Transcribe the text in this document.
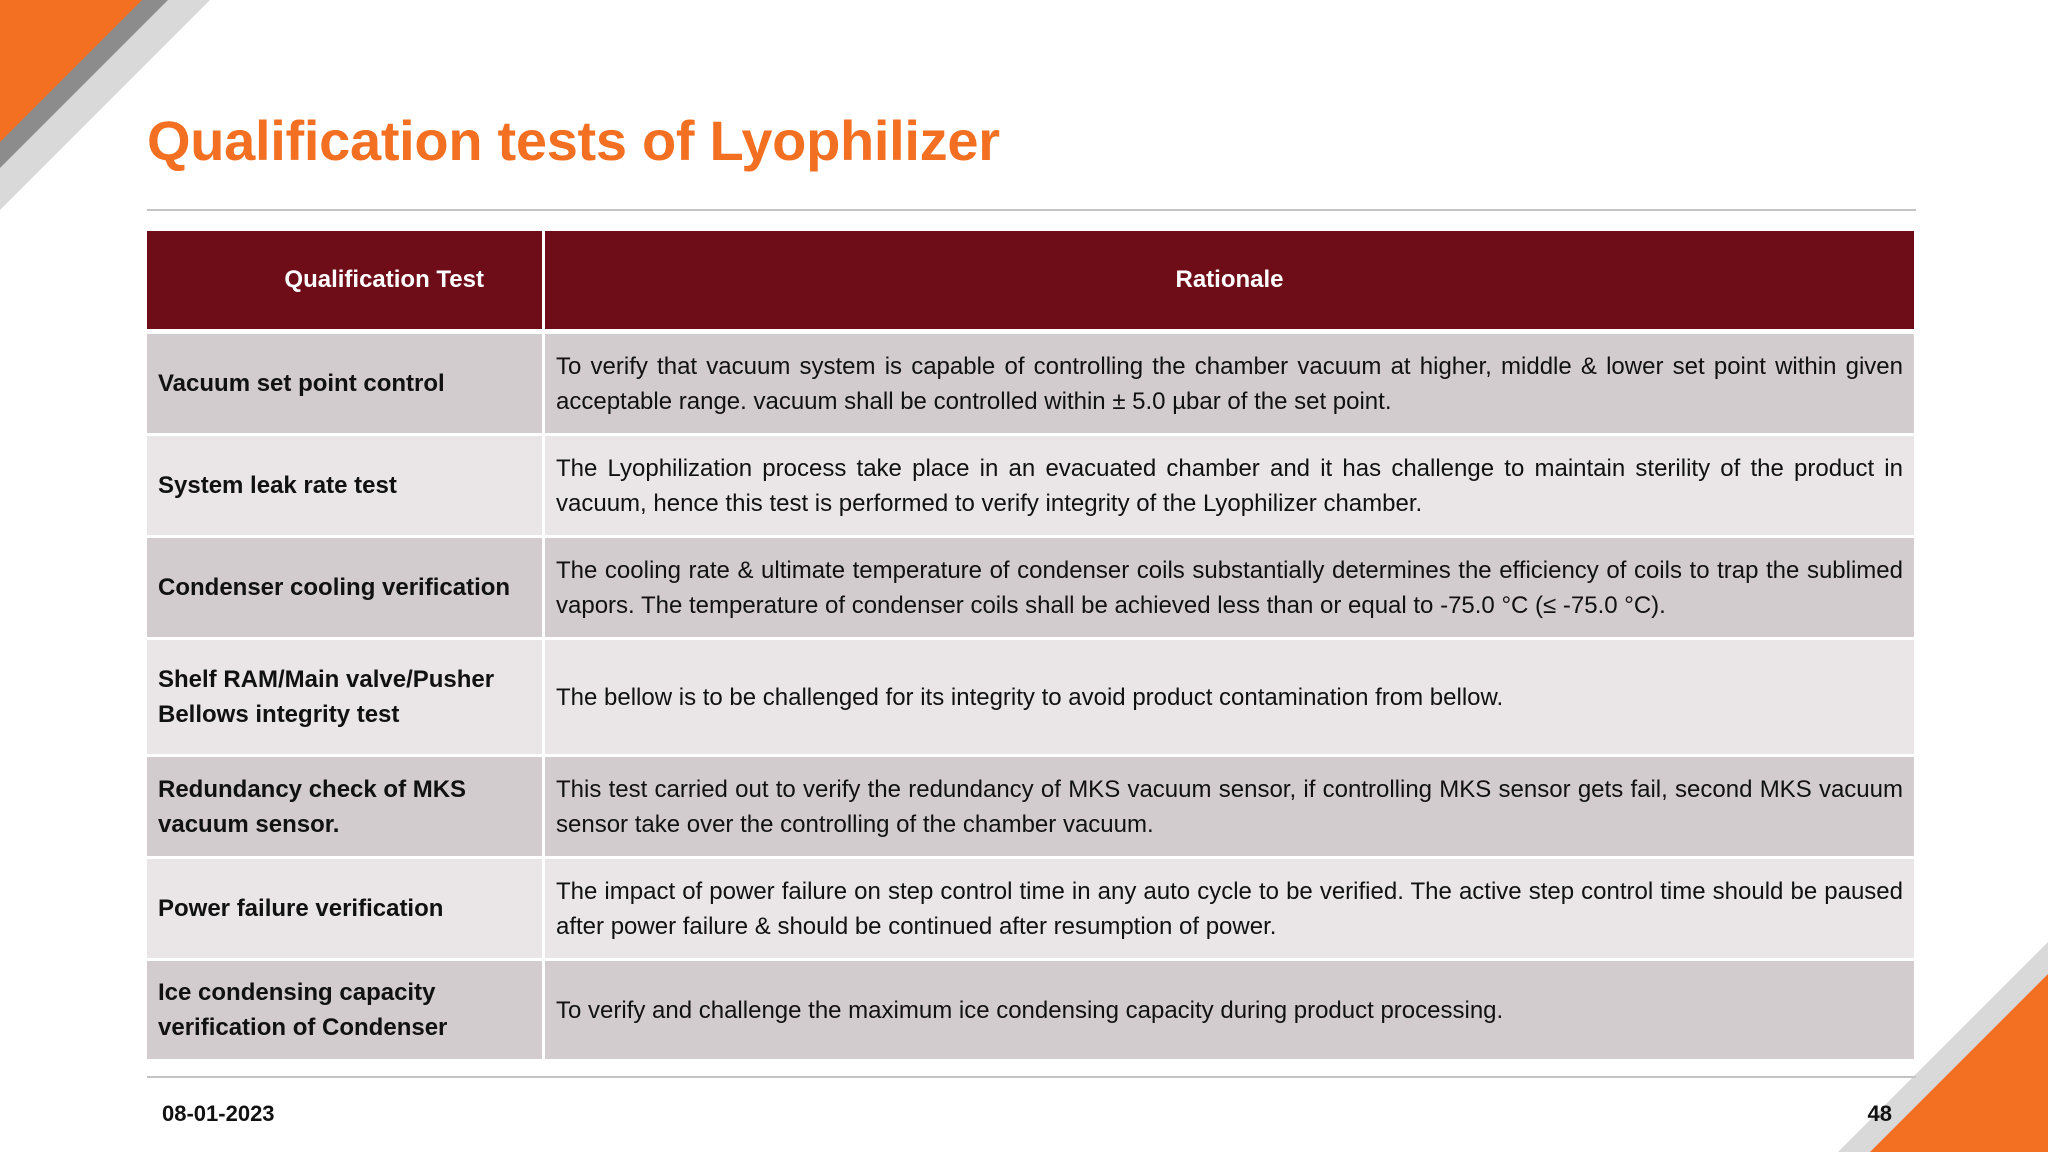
Qualification tests of Lyophilizer
Qualification Test	Rationale
Vacuum set point control	To verify that vacuum system is capable of controlling the chamber vacuum at higher, middle & lower set point within given acceptable range. vacuum shall be controlled within ± 5.0 µbar of the set point.
System leak rate test	The Lyophilization process take place in an evacuated chamber and it has challenge to maintain sterility of the product in vacuum, hence this test is performed to verify integrity of the Lyophilizer chamber.
Condenser cooling verification	The cooling rate & ultimate temperature of condenser coils substantially determines the efficiency of coils to trap the sublimed vapors. The temperature of condenser coils shall be achieved less than or equal to -75.0 °C (≤ -75.0 °C).
Shelf RAM/Main valve/Pusher Bellows integrity test	The bellow is to be challenged for its integrity to avoid product contamination from bellow.
Redundancy check of MKS vacuum sensor.	This test carried out to verify the redundancy of MKS vacuum sensor, if controlling MKS sensor gets fail, second MKS vacuum sensor take over the controlling of the chamber vacuum.
Power failure verification	The impact of power failure on step control time in any auto cycle to be verified. The active step control time should be paused after power failure & should be continued after resumption of power.
Ice condensing capacity verification of Condenser	To verify and challenge the maximum ice condensing capacity during product processing.
08-01-2023	48
